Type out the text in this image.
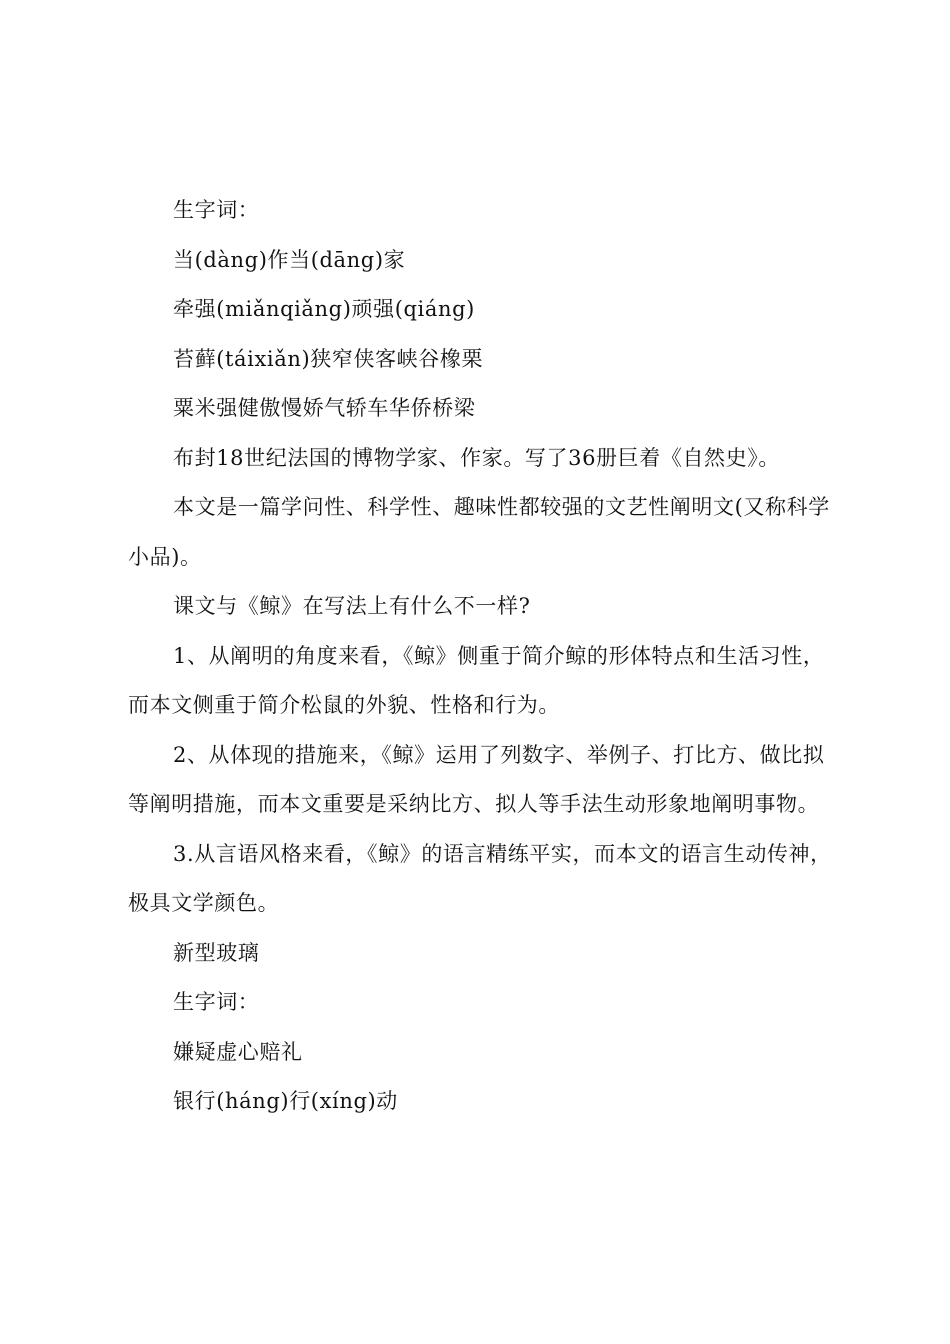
生字词：

当(dàng)作当(dāng)家

牵强(miǎnqiǎng)顽强(qiáng)

苔藓(táixiǎn)狭窄侠客峡谷橡栗

粟米强健傲慢娇气轿车华侨桥梁

布封18世纪法国的博物学家、作家。写了36册巨着《自然史》。

本文是一篇学问性、科学性、趣味性都较强的文艺性阐明文(又称科学小品)。

课文与《鲸》在写法上有什么不一样?

1、从阐明的角度来看，《鲸》侧重于简介鲸的形体特点和生活习性，而本文侧重于简介松鼠的外貌、性格和行为。

2、从体现的措施来，《鲸》运用了列数字、举例子、打比方、做比拟等阐明措施，而本文重要是采纳比方、拟人等手法生动形象地阐明事物。

3.从言语风格来看，《鲸》的语言精练平实，而本文的语言生动传神，极具文学颜色。

新型玻璃

生字词：

嫌疑虚心赔礼

银行(háng)行(xíng)动
